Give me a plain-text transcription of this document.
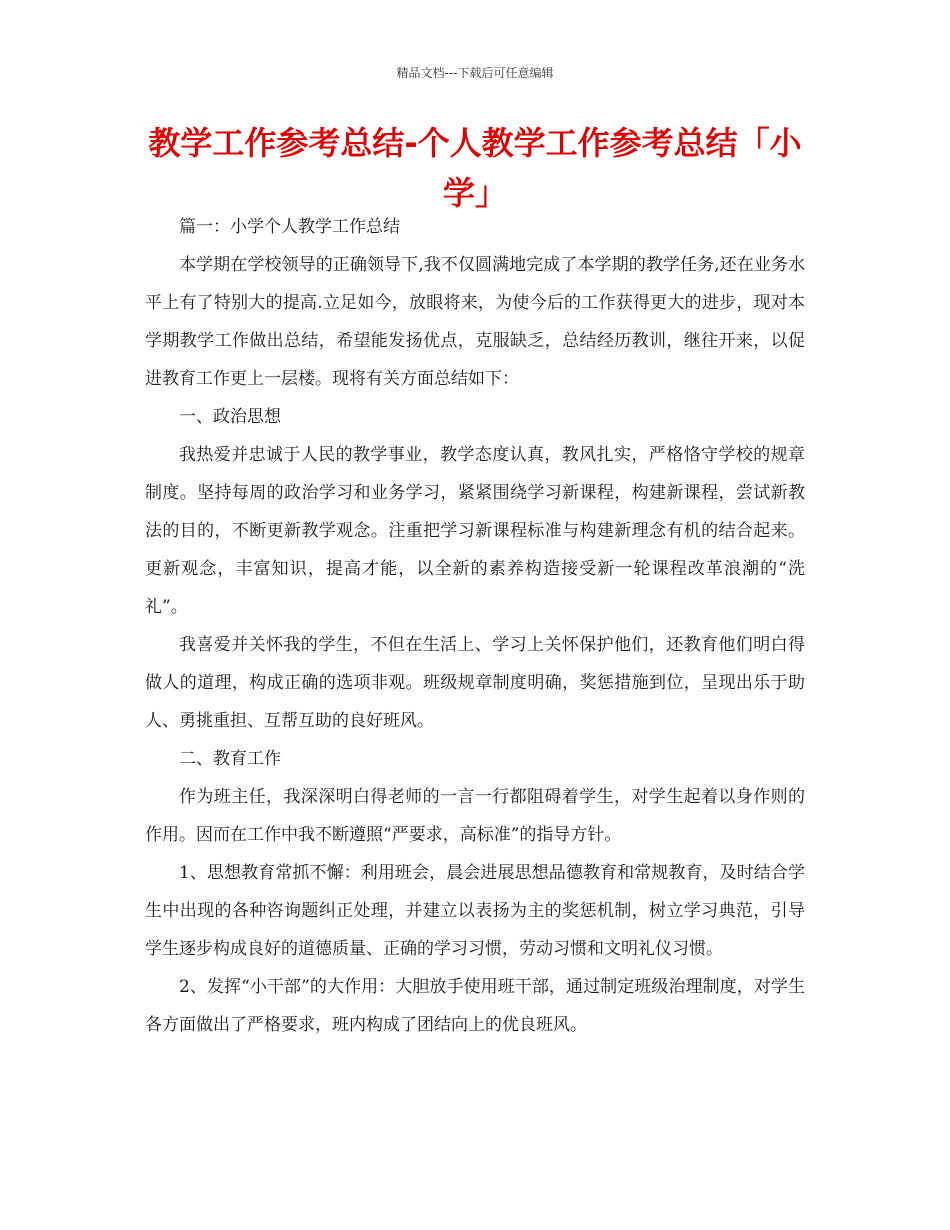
精品文档---下载后可任意编辑
教学工作参考总结-个人教学工作参考总结「小学」

篇一：小学个人教学工作总结

本学期在学校领导的正确领导下,我不仅圆满地完成了本学期的教学任务,还在业务水平上有了特别大的提高.立足如今，放眼将来，为使今后的工作获得更大的进步，现对本学期教学工作做出总结，希望能发扬优点，克服缺乏，总结经历教训，继往开来，以促进教育工作更上一层楼。现将有关方面总结如下：

一、政治思想

我热爱并忠诚于人民的教学事业，教学态度认真，教风扎实，严格恪守学校的规章制度。坚持每周的政治学习和业务学习，紧紧围绕学习新课程，构建新课程，尝试新教法的目的，不断更新教学观念。注重把学习新课程标准与构建新理念有机的结合起来。更新观念，丰富知识，提高才能，以全新的素养构造接受新一轮课程改革浪潮的“洗礼”。

我喜爱并关怀我的学生，不但在生活上、学习上关怀保护他们，还教育他们明白得做人的道理，构成正确的选项非观。班级规章制度明确，奖惩措施到位，呈现出乐于助人、勇挑重担、互帮互助的良好班风。

二、教育工作

作为班主任，我深深明白得老师的一言一行都阻碍着学生，对学生起着以身作则的作用。因而在工作中我不断遵照“严要求，高标准”的指导方针。

1、思想教育常抓不懈：利用班会，晨会进展思想品德教育和常规教育，及时结合学生中出现的各种咨询题纠正处理，并建立以表扬为主的奖惩机制，树立学习典范，引导学生逐步构成良好的道德质量、正确的学习习惯，劳动习惯和文明礼仪习惯。

2、发挥“小干部”的大作用：大胆放手使用班干部，通过制定班级治理制度，对学生各方面做出了严格要求，班内构成了团结向上的优良班风。
